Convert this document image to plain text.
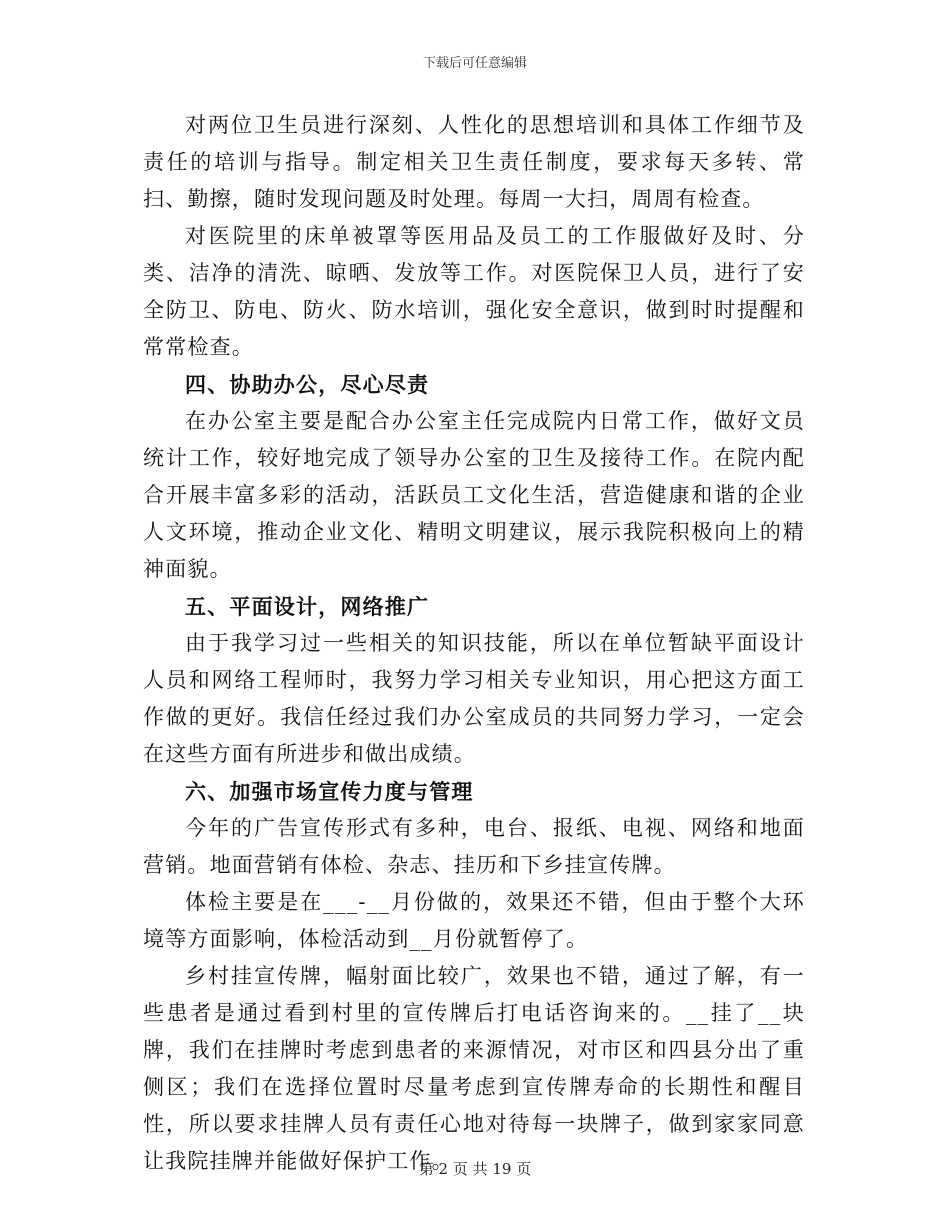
下载后可任意编辑

对两位卫生员进行深刻、人性化的思想培训和具体工作细节及责任的培训与指导。制定相关卫生责任制度，要求每天多转、常扫、勤擦，随时发现问题及时处理。每周一大扫，周周有检查。

对医院里的床单被罩等医用品及员工的工作服做好及时、分类、洁净的清洗、晾晒、发放等工作。对医院保卫人员，进行了安全防卫、防电、防火、防水培训，强化安全意识，做到时时提醒和常常检查。

四、协助办公，尽心尽责

在办公室主要是配合办公室主任完成院内日常工作，做好文员统计工作，较好地完成了领导办公室的卫生及接待工作。在院内配合开展丰富多彩的活动，活跃员工文化生活，营造健康和谐的企业人文环境，推动企业文化、精明文明建议，展示我院积极向上的精神面貌。

五、平面设计，网络推广

由于我学习过一些相关的知识技能，所以在单位暂缺平面设计人员和网络工程师时，我努力学习相关专业知识，用心把这方面工作做的更好。我信任经过我们办公室成员的共同努力学习，一定会在这些方面有所进步和做出成绩。

六、加强市场宣传力度与管理

今年的广告宣传形式有多种，电台、报纸、电视、网络和地面营销。地面营销有体检、杂志、挂历和下乡挂宣传牌。

体检主要是在___-__月份做的，效果还不错，但由于整个大环境等方面影响，体检活动到__月份就暂停了。

乡村挂宣传牌，幅射面比较广，效果也不错，通过了解，有一些患者是通过看到村里的宣传牌后打电话咨询来的。__挂了__块牌，我们在挂牌时考虑到患者的来源情况，对市区和四县分出了重侧区；我们在选择位置时尽量考虑到宣传牌寿命的长期性和醒目性，所以要求挂牌人员有责任心地对待每一块牌子，做到家家同意让我院挂牌并能做好保护工作。

第 2 页 共 19 页
